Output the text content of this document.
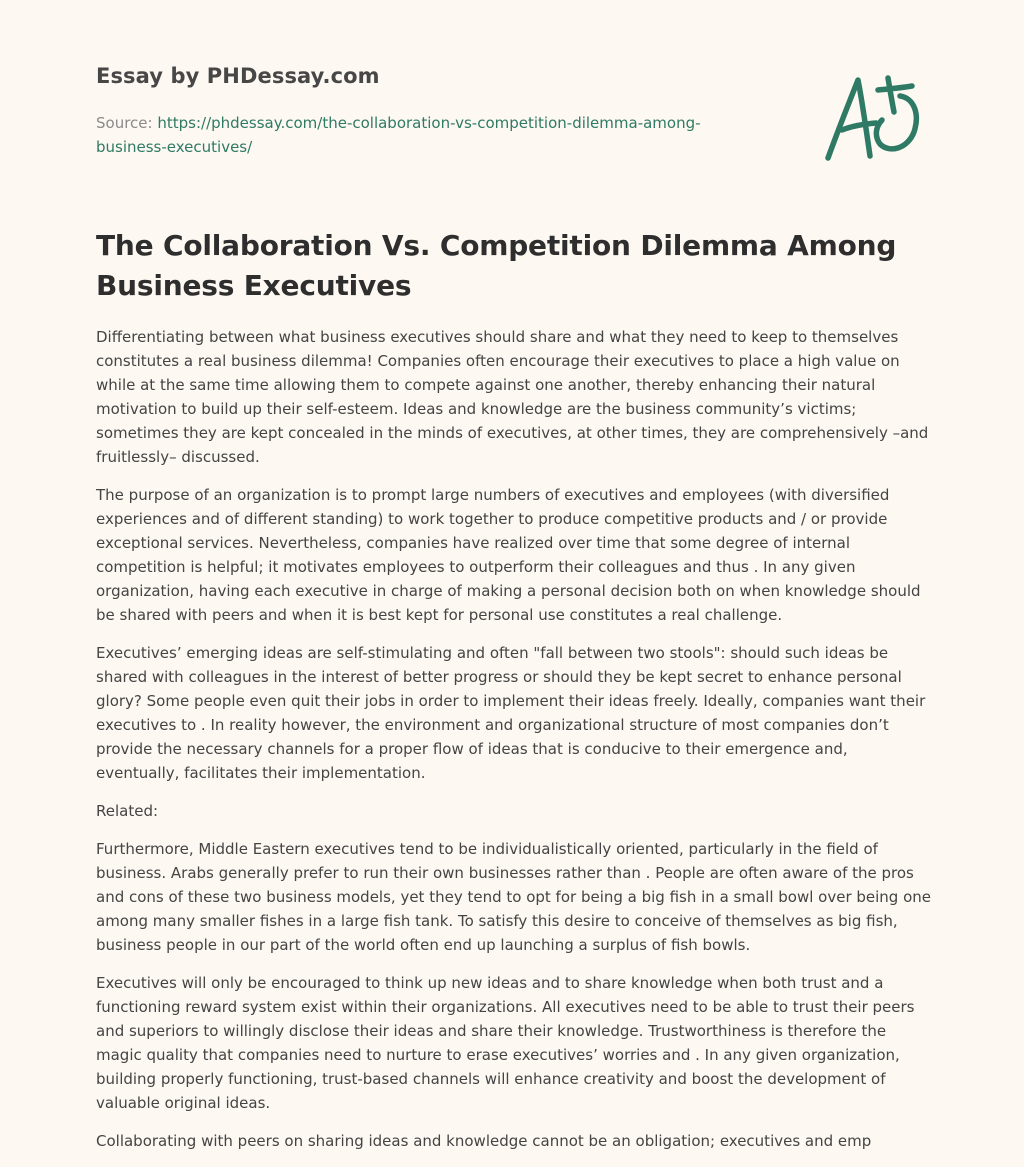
Essay by PHDessay.com
Source: https://phdessay.com/the-collaboration-vs-competition-dilemma-among-business-executives/
The Collaboration Vs. Competition Dilemma Among Business Executives

Differentiating between what business executives should share and what they need to keep to themselves constitutes a real business dilemma! Companies often encourage their executives to place a high value on while at the same time allowing them to compete against one another, thereby enhancing their natural motivation to build up their self-esteem. Ideas and knowledge are the business community’s victims; sometimes they are kept concealed in the minds of executives, at other times, they are comprehensively –and fruitlessly– discussed.

The purpose of an organization is to prompt large numbers of executives and employees (with diversified experiences and of different standing) to work together to produce competitive products and / or provide exceptional services. Nevertheless, companies have realized over time that some degree of internal competition is helpful; it motivates employees to outperform their colleagues and thus . In any given organization, having each executive in charge of making a personal decision both on when knowledge should be shared with peers and when it is best kept for personal use constitutes a real challenge.

Executives’ emerging ideas are self-stimulating and often "fall between two stools": should such ideas be shared with colleagues in the interest of better progress or should they be kept secret to enhance personal glory? Some people even quit their jobs in order to implement their ideas freely. Ideally, companies want their executives to . In reality however, the environment and organizational structure of most companies don’t provide the necessary channels for a proper flow of ideas that is conducive to their emergence and, eventually, facilitates their implementation.

Related:

Furthermore, Middle Eastern executives tend to be individualistically oriented, particularly in the field of business. Arabs generally prefer to run their own businesses rather than . People are often aware of the pros and cons of these two business models, yet they tend to opt for being a big fish in a small bowl over being one among many smaller fishes in a large fish tank. To satisfy this desire to conceive of themselves as big fish, business people in our part of the world often end up launching a surplus of fish bowls.

Executives will only be encouraged to think up new ideas and to share knowledge when both trust and a functioning reward system exist within their organizations. All executives need to be able to trust their peers and superiors to willingly disclose their ideas and share their knowledge. Trustworthiness is therefore the magic quality that companies need to nurture to erase executives’ worries and . In any given organization, building properly functioning, trust-based channels will enhance creativity and boost the development of valuable original ideas.

Collaborating with peers on sharing ideas and knowledge cannot be an obligation; executives and emp
